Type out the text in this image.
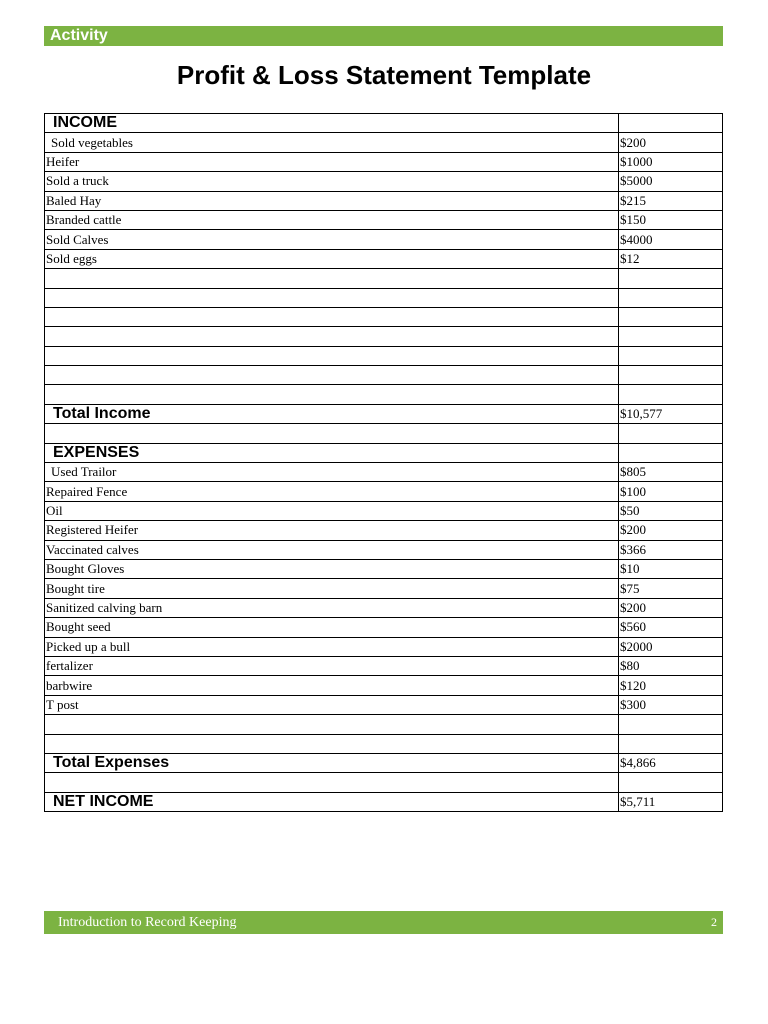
Activity
Profit & Loss Statement Template
INCOME	
Sold vegetables	$200
Heifer	$1000
Sold a truck	$5000
Baled Hay	$215
Branded cattle	$150
Sold Calves	$4000
Sold eggs	$12

Total Income	$10,577

EXPENSES	
Used Trailor	$805
Repaired Fence	$100
Oil	$50
Registered Heifer	$200
Vaccinated calves	$366
Bought Gloves	$10
Bought tire	$75
Sanitized calving barn	$200
Bought seed	$560
Picked up a bull	$2000
fertalizer	$80
barbwire	$120
T post	$300

Total Expenses	$4,866

NET INCOME	$5,711
Introduction to Record Keeping	2
